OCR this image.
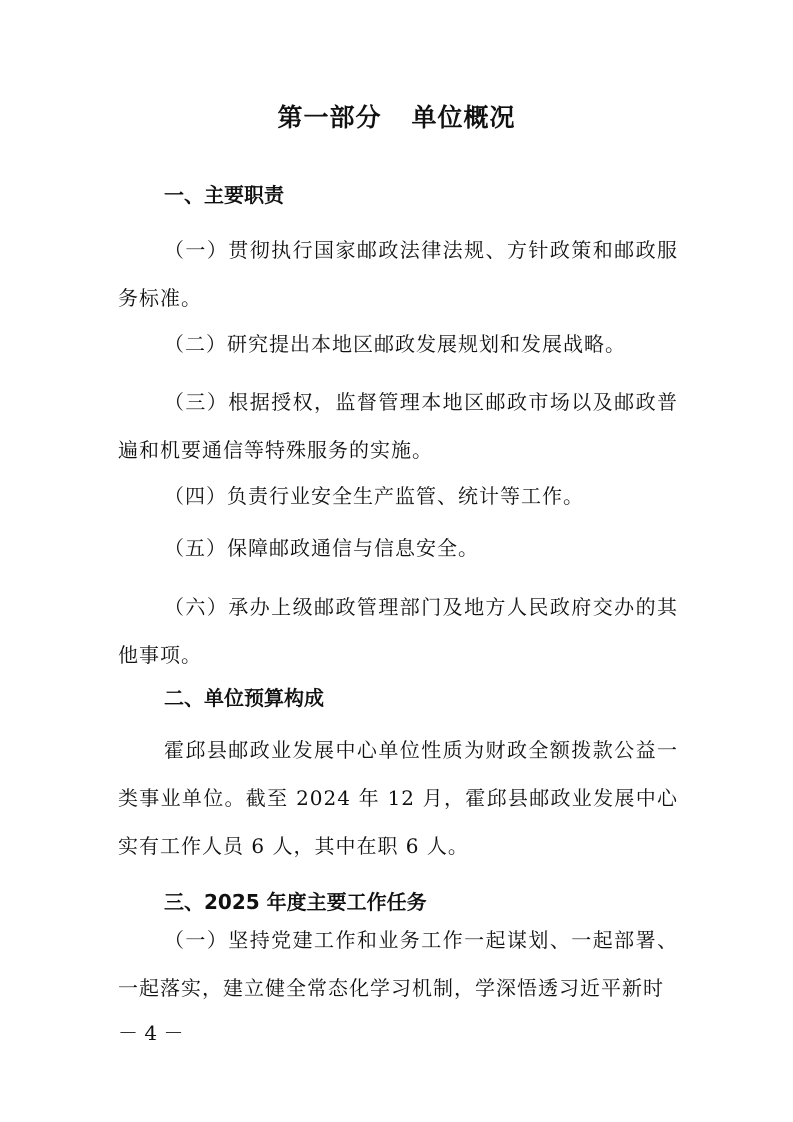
第一部分 单位概况
一、主要职责
（一）贯彻执行国家邮政法律法规、方针政策和邮政服务标准。
（二）研究提出本地区邮政发展规划和发展战略。
（三）根据授权，监督管理本地区邮政市场以及邮政普遍和机要通信等特殊服务的实施。
（四）负责行业安全生产监管、统计等工作。
（五）保障邮政通信与信息安全。
（六）承办上级邮政管理部门及地方人民政府交办的其他事项。
二、单位预算构成
霍邱县邮政业发展中心单位性质为财政全额拨款公益一类事业单位。截至 2024 年 12 月，霍邱县邮政业发展中心实有工作人员 6 人，其中在职 6 人。
三、2025 年度主要工作任务
（一）坚持党建工作和业务工作一起谋划、一起部署、一起落实，建立健全常态化学习机制，学深悟透习近平新时
－ 4 －
